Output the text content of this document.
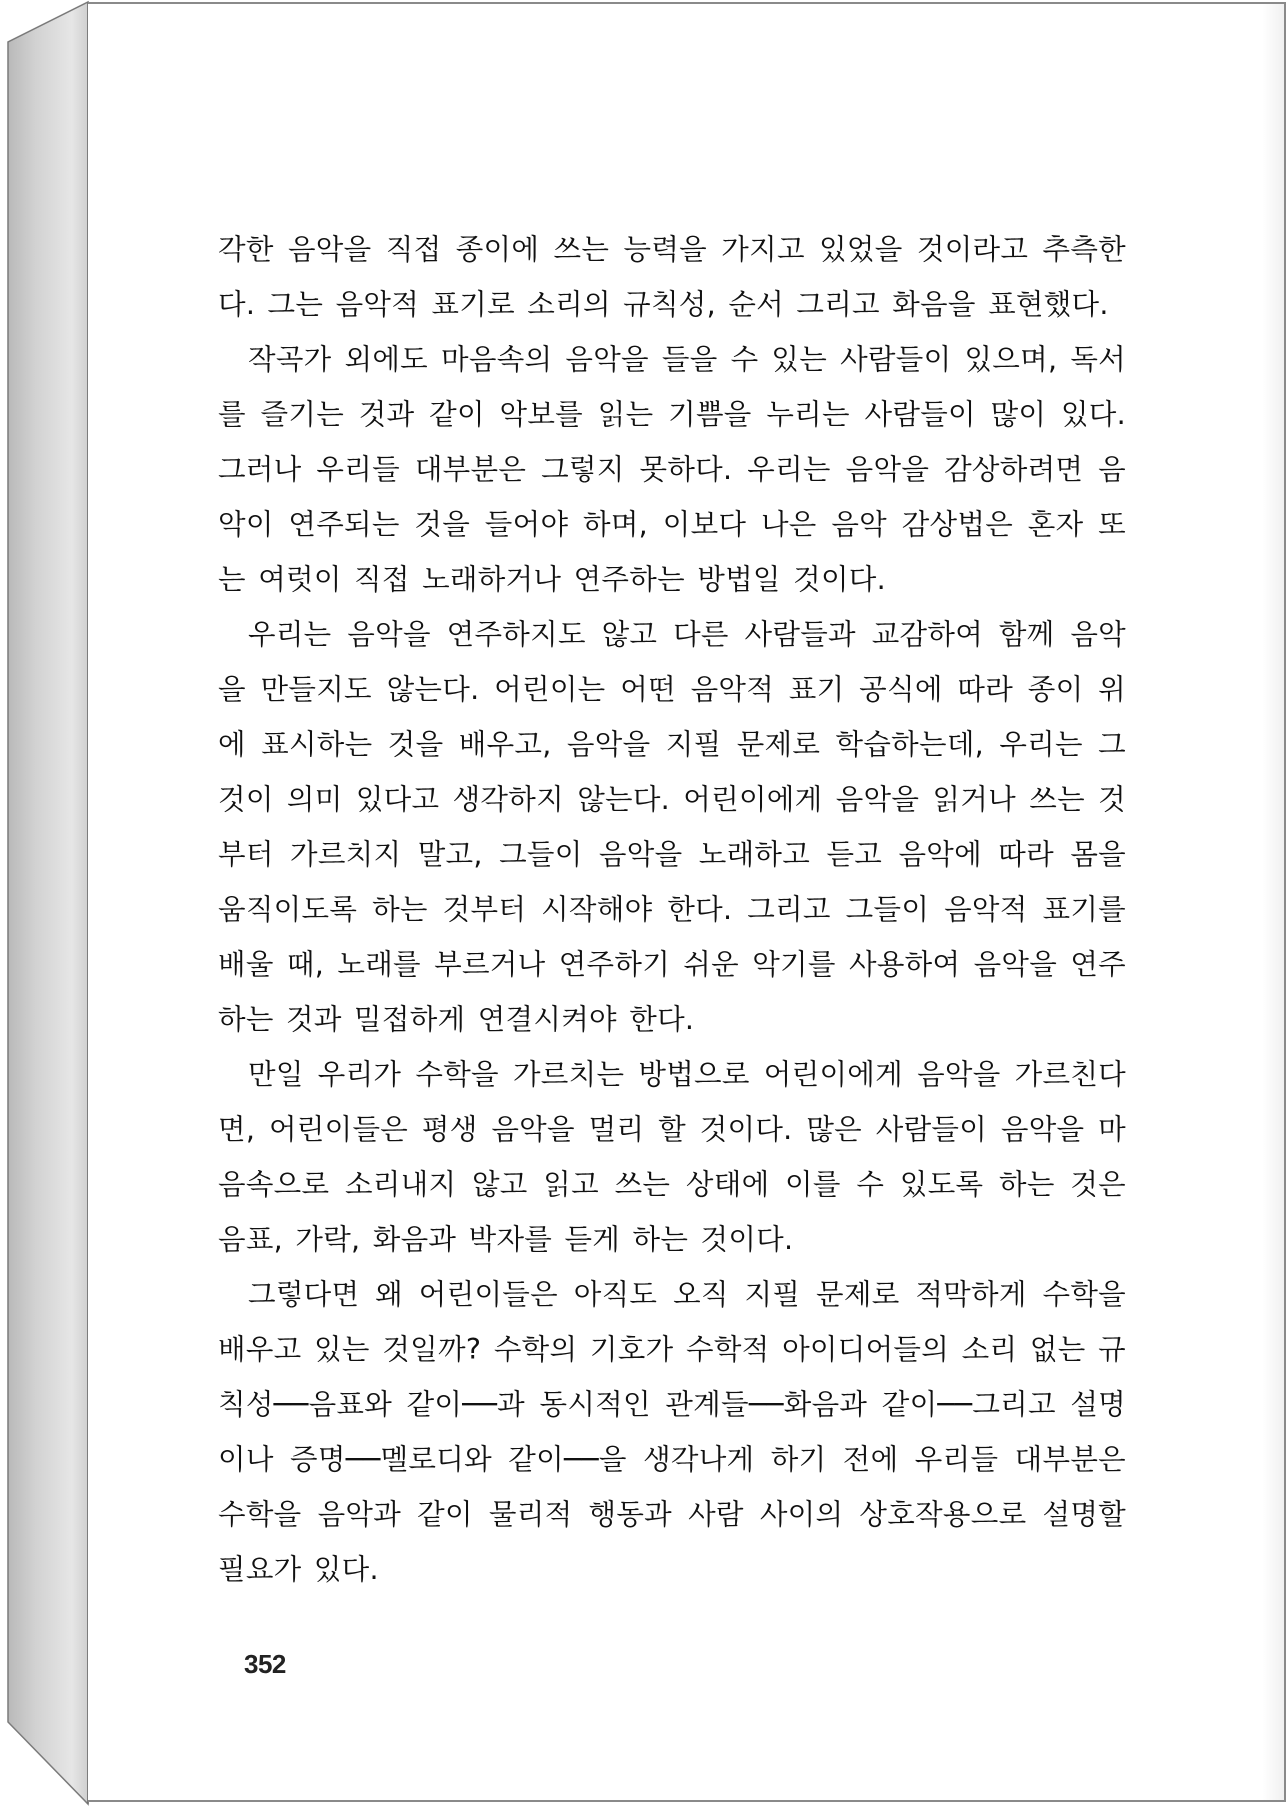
각한 음악을 직접 종이에 쓰는 능력을 가지고 있었을 것이라고 추측한다. 그는 음악적 표기로 소리의 규칙성, 순서 그리고 화음을 표현했다.

작곡가 외에도 마음속의 음악을 들을 수 있는 사람들이 있으며, 독서를 즐기는 것과 같이 악보를 읽는 기쁨을 누리는 사람들이 많이 있다. 그러나 우리들 대부분은 그렇지 못하다. 우리는 음악을 감상하려면 음악이 연주되는 것을 들어야 하며, 이보다 나은 음악 감상법은 혼자 또는 여럿이 직접 노래하거나 연주하는 방법일 것이다.

우리는 음악을 연주하지도 않고 다른 사람들과 교감하여 함께 음악을 만들지도 않는다. 어린이는 어떤 음악적 표기 공식에 따라 종이 위에 표시하는 것을 배우고, 음악을 지필 문제로 학습하는데, 우리는 그것이 의미 있다고 생각하지 않는다. 어린이에게 음악을 읽거나 쓰는 것부터 가르치지 말고, 그들이 음악을 노래하고 듣고 음악에 따라 몸을 움직이도록 하는 것부터 시작해야 한다. 그리고 그들이 음악적 표기를 배울 때, 노래를 부르거나 연주하기 쉬운 악기를 사용하여 음악을 연주하는 것과 밀접하게 연결시켜야 한다.

만일 우리가 수학을 가르치는 방법으로 어린이에게 음악을 가르친다면, 어린이들은 평생 음악을 멀리 할 것이다. 많은 사람들이 음악을 마음속으로 소리내지 않고 읽고 쓰는 상태에 이를 수 있도록 하는 것은 음표, 가락, 화음과 박자를 듣게 하는 것이다.

그렇다면 왜 어린이들은 아직도 오직 지필 문제로 적막하게 수학을 배우고 있는 것일까? 수학의 기호가 수학적 아이디어들의 소리 없는 규칙성──음표와 같이──과 동시적인 관계들──화음과 같이──그리고 설명이나 증명──멜로디와 같이──을 생각나게 하기 전에 우리들 대부분은 수학을 음악과 같이 물리적 행동과 사람 사이의 상호작용으로 설명할 필요가 있다.

352
